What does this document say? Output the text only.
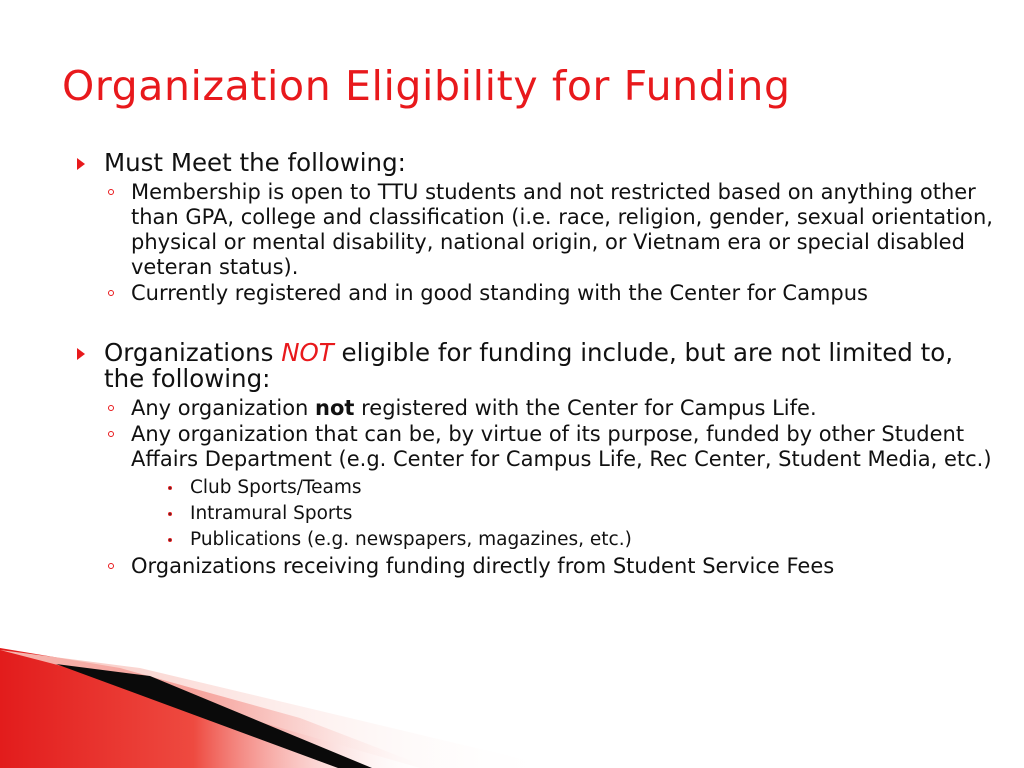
Organization Eligibility for Funding
Must Meet the following:
Membership is open to TTU students and not restricted based on anything other than GPA, college and classification (i.e. race, religion, gender, sexual orientation, physical or mental disability, national origin, or Vietnam era or special disabled veteran status).
Currently registered and in good standing with the Center for Campus
Organizations NOT eligible for funding include, but are not limited to, the following:
Any organization not registered with the Center for Campus Life.
Any organization that can be, by virtue of its purpose, funded by other Student Affairs Department (e.g. Center for Campus Life, Rec Center, Student Media, etc.)
Club Sports/Teams
Intramural Sports
Publications (e.g. newspapers, magazines, etc.)
Organizations receiving funding directly from Student Service Fees
